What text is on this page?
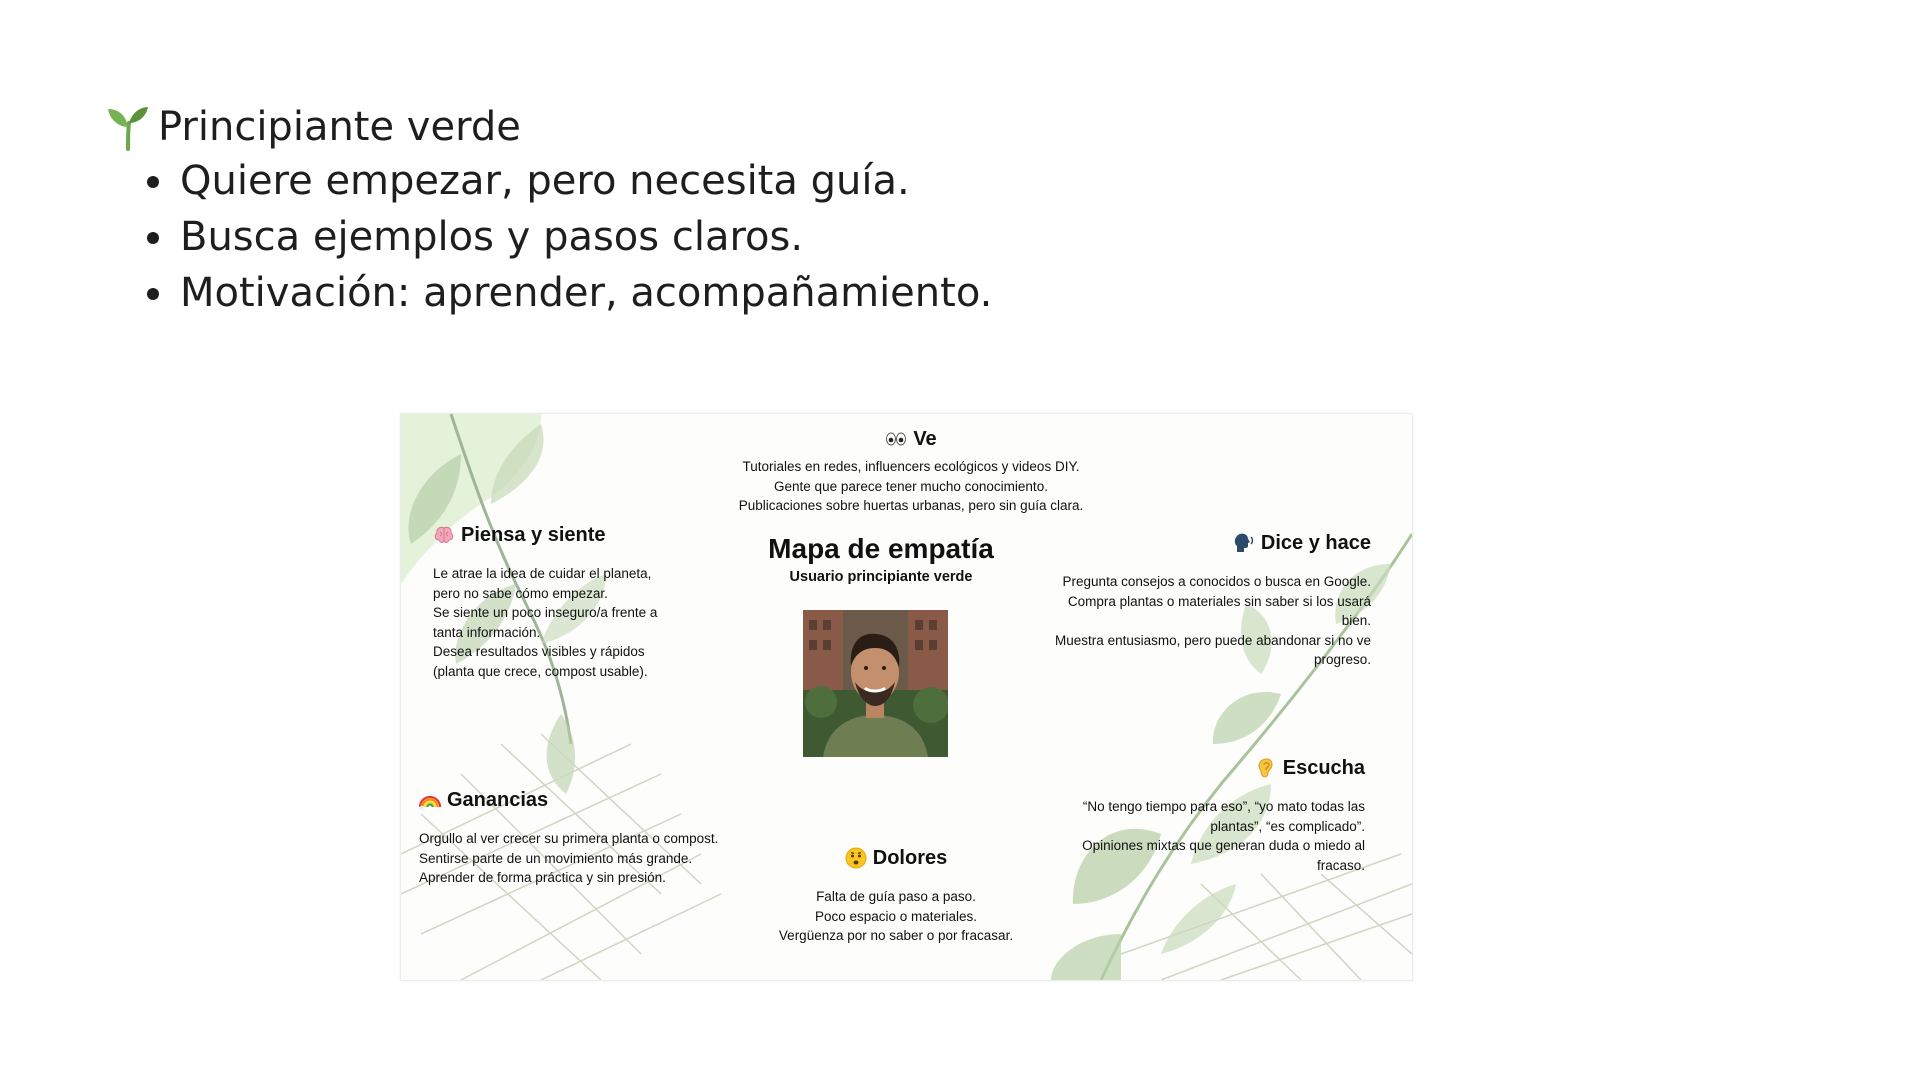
Principiante verde
• Quiere empezar, pero necesita guía.
• Busca ejemplos y pasos claros.
• Motivación: aprender, acompañamiento.
Ve

Tutoriales en redes, influencers ecológicos y videos DIY.

Gente que parece tener mucho conocimiento.

Publicaciones sobre huertas urbanas, pero sin guía clara.

Mapa de empatía
Usuario principiante verde
Piensa y siente

Le atrae la idea de cuidar el planeta,

pero no sabe cómo empezar.

Se siente un poco inseguro/a frente a

tanta información.

Desea resultados visibles y rápidos

(planta que crece, compost usable).

Dice y hace

Pregunta consejos a conocidos o busca en Google.

Compra plantas o materiales sin saber si los usará bien.

Muestra entusiasmo, pero puede abandonar si no ve progreso.

Escucha

“No tengo tiempo para eso”, “yo mato todas las plantas”, “es complicado”.

Opiniones mixtas que generan duda o miedo al fracaso.

Ganancias

Orgullo al ver crecer su primera planta o compost.

Sentirse parte de un movimiento más grande.

Aprender de forma práctica y sin presión.

Dolores

Falta de guía paso a paso.

Poco espacio o materiales.

Vergüenza por no saber o por fracasar.
